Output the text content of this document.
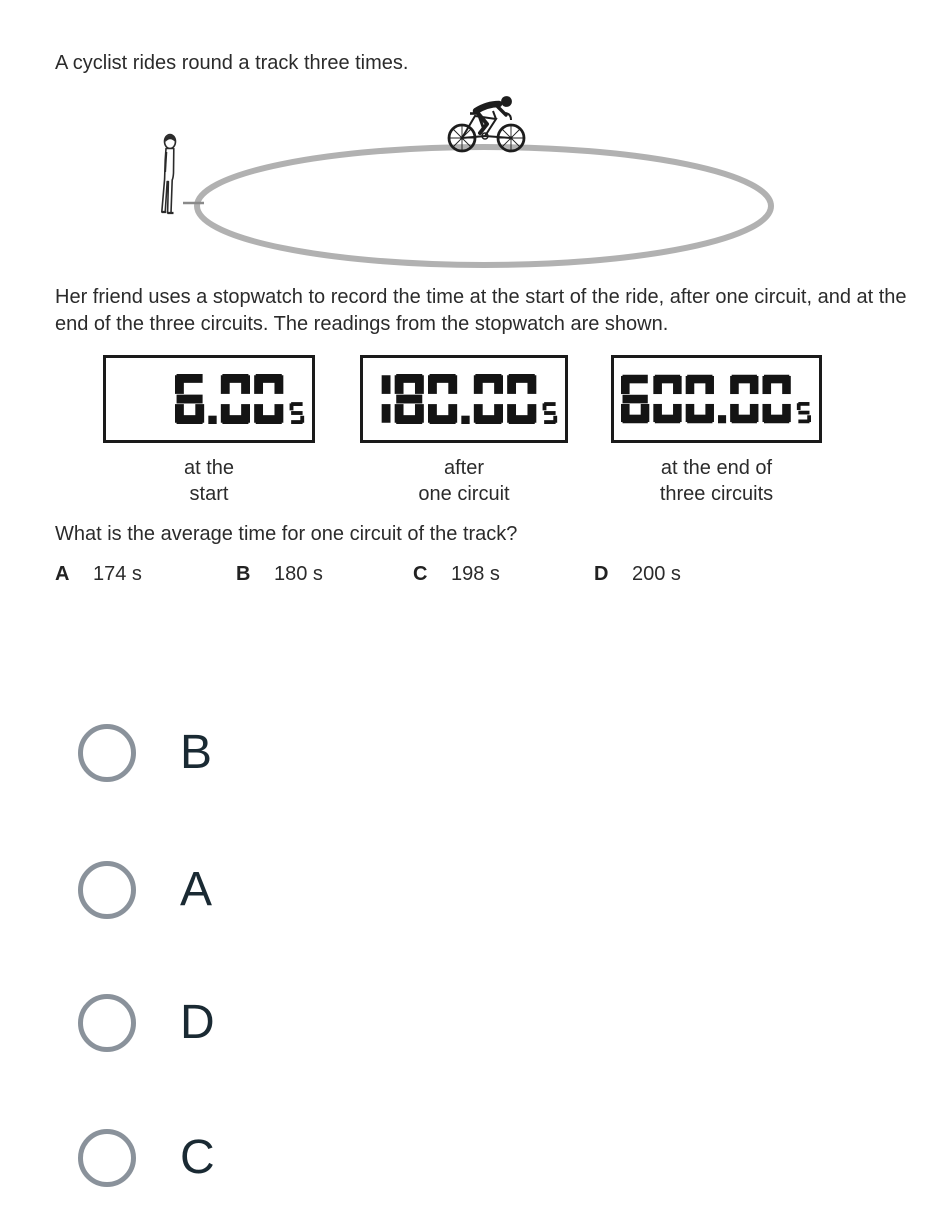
A cyclist rides round a track three times.
Her friend uses a stopwatch to record the time at the start of the ride, after one circuit, and at the end of the three circuits. The readings from the stopwatch are shown.
at the
start
after
one circuit
at the end of
three circuits
What is the average time for one circuit of the track?
A 174 s	B 180 s	C 198 s	D 200 s
B
A
D
C
